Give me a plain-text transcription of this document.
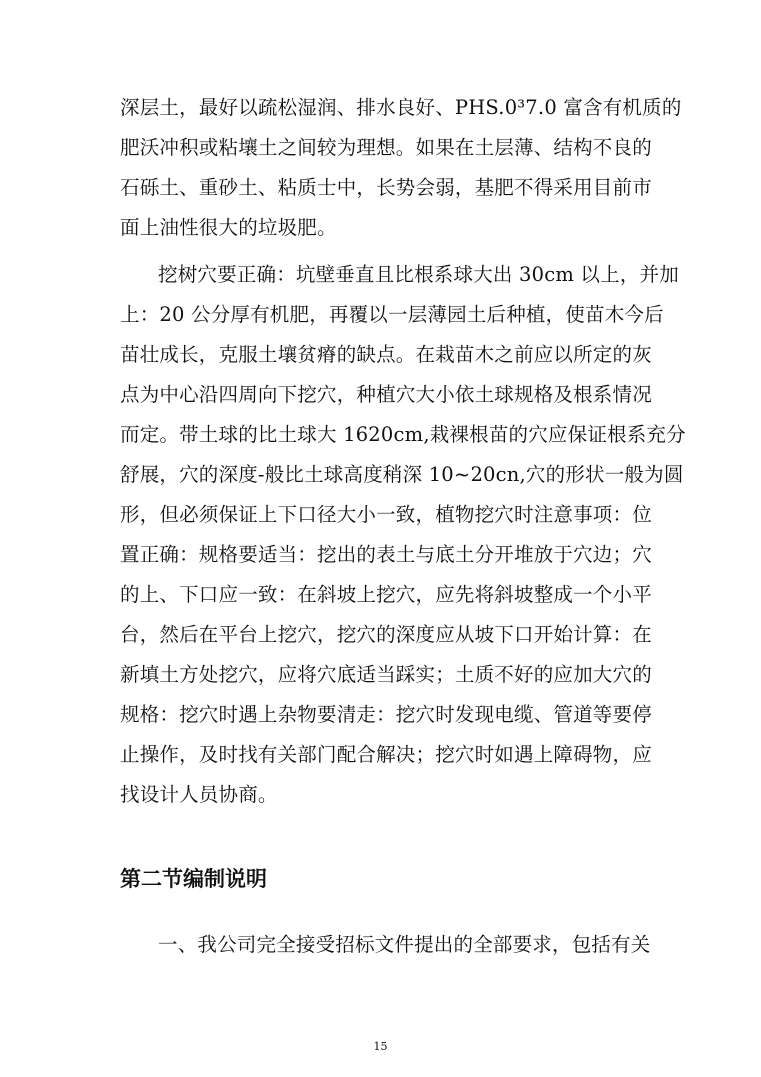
深层土，最好以疏松湿润、排水良好、PHS.0³7.0 富含有机质的
肥沃冲积或粘壤土之间较为理想。如果在土层薄、结构不良的
石砾土、重砂土、粘质士中，长势会弱，基肥不得采用目前市
面上油性很大的垃圾肥。
挖树穴要正确：坑壁垂直且比根系球大出 30cm 以上，并加
上：20 公分厚有机肥，再覆以一层薄园土后种植，使苗木今后
苗壮成长，克服土壤贫瘠的缺点。在栽苗木之前应以所定的灰
点为中心沿四周向下挖穴，种植穴大小依土球规格及根系情况
而定。带土球的比土球大 1620cm,栽裸根苗的穴应保证根系充分
舒展，穴的深度-般比土球高度稍深 10~20cn,穴的形状一般为圆
形，但必须保证上下口径大小一致，植物挖穴时注意事项：位
置正确：规格要适当：挖出的表土与底土分开堆放于穴边；穴
的上、下口应一致：在斜坡上挖穴，应先将斜坡整成一个小平
台，然后在平台上挖穴，挖穴的深度应从坡下口开始计算：在
新填土方处挖穴，应将穴底适当踩实；土质不好的应加大穴的
规格：挖穴时遇上杂物要清走：挖穴时发现电缆、管道等要停
止操作，及时找有关部门配合解决；挖穴时如遇上障碍物，应
找设计人员协商。
第二节编制说明
一、我公司完全接受招标文件提出的全部要求，包括有关
15
